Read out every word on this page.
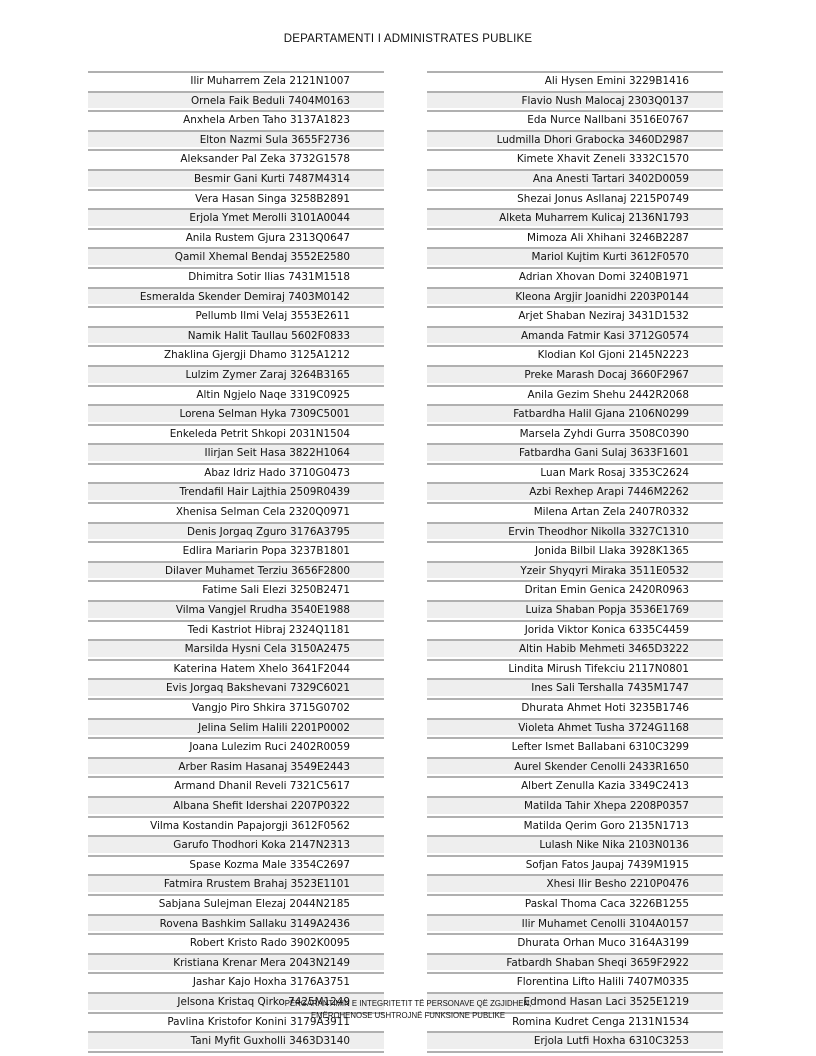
DEPARTAMENTI I ADMINISTRATES PUBLIKE
Ilir Muharrem Zela 2121N1007
Ornela Faik Beduli 7404M0163
Anxhela Arben Taho 3137A1823
Elton Nazmi Sula 3655F2736
Aleksander Pal Zeka 3732G1578
Besmir Gani Kurti 7487M4314
Vera Hasan Singa 3258B2891
Erjola Ymet Merolli 3101A0044
Anila Rustem Gjura 2313Q0647
Qamil Xhemal Bendaj 3552E2580
Dhimitra Sotir Ilias 7431M1518
Esmeralda Skender Demiraj 7403M0142
Pellumb Ilmi Velaj 3553E2611
Namik Halit Taullau 5602F0833
Zhaklina Gjergji Dhamo 3125A1212
Lulzim Zymer Zaraj 3264B3165
Altin Ngjelo Naqe 3319C0925
Lorena Selman Hyka 7309C5001
Enkeleda Petrit Shkopi 2031N1504
Ilirjan Seit Hasa 3822H1064
Abaz Idriz Hado 3710G0473
Trendafil Hair Lajthia 2509R0439
Xhenisa Selman Cela 2320Q0971
Denis Jorgaq Zguro 3176A3795
Edlira Mariarin Popa 3237B1801
Dilaver Muhamet Terziu 3656F2800
Fatime Sali Elezi 3250B2471
Vilma Vangjel Rrudha 3540E1988
Tedi Kastriot Hibraj 2324Q1181
Marsilda Hysni Cela 3150A2475
Katerina Hatem Xhelo 3641F2044
Evis Jorgaq Bakshevani 7329C6021
Vangjo Piro Shkira 3715G0702
Jelina Selim Halili 2201P0002
Joana Lulezim Ruci 2402R0059
Arber Rasim Hasanaj 3549E2443
Armand Dhanil Reveli 7321C5617
Albana Shefit Idershai 2207P0322
Vilma Kostandin Papajorgji 3612F0562
Garufo Thodhori Koka 2147N2313
Spase Kozma Male 3354C2697
Fatmira Rrustem Brahaj 3523E1101
Sabjana Sulejman Elezaj 2044N2185
Rovena Bashkim Sallaku 3149A2436
Robert Kristo Rado 3902K0095
Kristiana Krenar Mera 2043N2149
Jashar Kajo Hoxha 3176A3751
Jelsona Kristaq Qirko 7425M1249
Pavlina Kristofor Konini 3179A3911
Tani Myfit Guxholli 3463D3140
Ali Hysen Emini 3229B1416
Flavio Nush Malocaj 2303Q0137
Eda Nurce Nallbani 3516E0767
Ludmilla Dhori Grabocka 3460D2987
Kimete Xhavit Zeneli 3332C1570
Ana Anesti Tartari 3402D0059
Shezai Jonus Asllanaj 2215P0749
Alketa Muharrem Kulicaj 2136N1793
Mimoza Ali Xhihani 3246B2287
Mariol Kujtim Kurti 3612F0570
Adrian Xhovan Domi 3240B1971
Kleona Argjir Joanidhi 2203P0144
Arjet Shaban Neziraj 3431D1532
Amanda Fatmir Kasi 3712G0574
Klodian Kol Gjoni 2145N2223
Preke Marash Docaj 3660F2967
Anila Gezim Shehu 2442R2068
Fatbardha Halil Gjana 2106N0299
Marsela Zyhdi Gurra 3508C0390
Fatbardha Gani Sulaj 3633F1601
Luan Mark Rosaj 3353C2624
Azbi Rexhep Arapi 7446M2262
Milena Artan Zela 2407R0332
Ervin Theodhor Nikolla 3327C1310
Jonida Bilbil Llaka 3928K1365
Yzeir Shyqyri Miraka 3511E0532
Dritan Emin Genica 2420R0963
Luiza Shaban Popja 3536E1769
Jorida Viktor Konica 6335C4459
Altin Habib Mehmeti 3465D3222
Lindita Mirush Tifekciu 2117N0801
Ines Sali Tershalla 7435M1747
Dhurata Ahmet Hoti 3235B1746
Violeta Ahmet Tusha 3724G1168
Lefter Ismet Ballabani 6310C3299
Aurel Skender Cenolli 2433R1650
Albert Zenulla Kazia 3349C2413
Matilda Tahir Xhepa 2208P0357
Matilda Qerim Goro 2135N1713
Lulash Nike Nika 2103N0136
Sofjan Fatos Jaupaj 7439M1915
Xhesi Ilir Besho 2210P0476
Paskal Thoma Caca 3226B1255
Ilir Muhamet Cenolli 3104A0157
Dhurata Orhan Muco 3164A3199
Fatbardh Shaban Sheqi 3659F2922
Florentina Lifto Halili 7407M0335
Edmond Hasan Laci 3525E1219
Romina Kudret Cenga 2131N1534
Erjola Lutfi Hoxha 6310C3253
PËRGARANTIMIN E INTEGRITETIT TË PERSONAVE QË ZGJIDHEN,
EMËROHENOSE USHTROJNË FUNKSIONE PUBLIKE
